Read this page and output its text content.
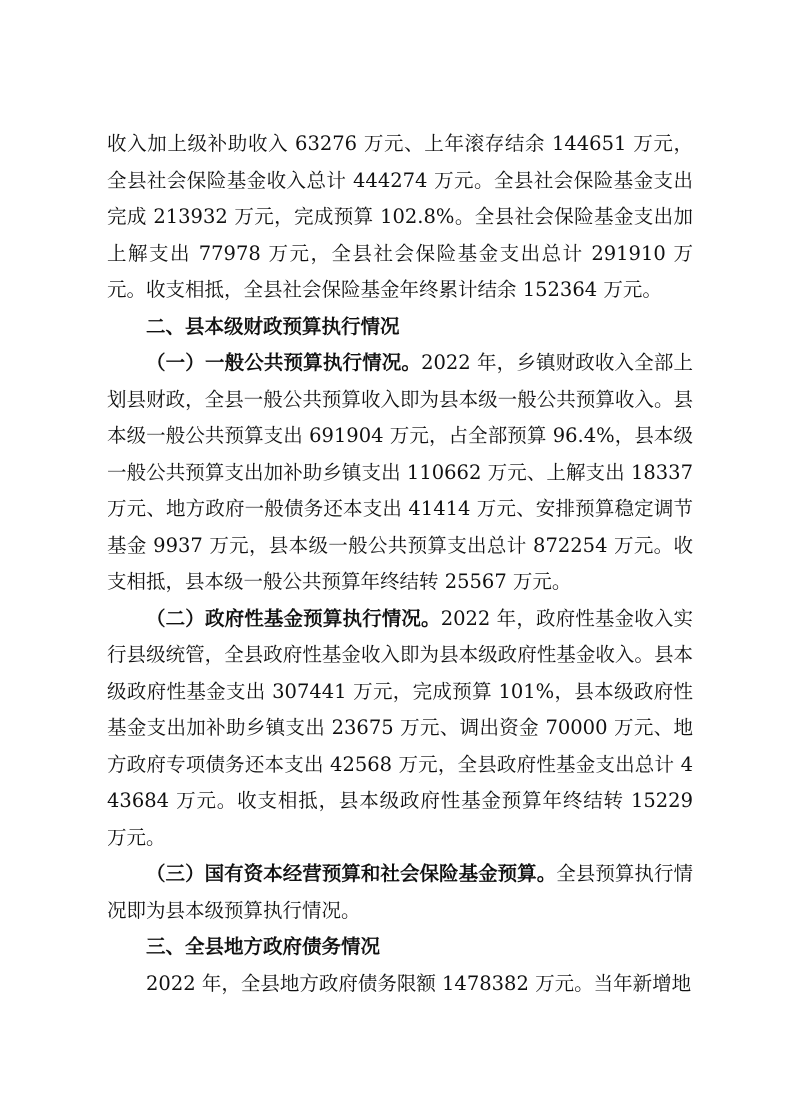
收入加上级补助收入 63276 万元、上年滚存结余 144651 万元，全县社会保险基金收入总计 444274 万元。全县社会保险基金支出完成 213932 万元，完成预算 102.8%。全县社会保险基金支出加上解支出 77978 万元，全县社会保险基金支出总计 291910 万元。收支相抵，全县社会保险基金年终累计结余 152364 万元。

二、县本级财政预算执行情况

（一）一般公共预算执行情况。2022 年，乡镇财政收入全部上划县财政，全县一般公共预算收入即为县本级一般公共预算收入。县本级一般公共预算支出 691904 万元，占全部预算 96.4%，县本级一般公共预算支出加补助乡镇支出 110662 万元、上解支出 18337 万元、地方政府一般债务还本支出 41414 万元、安排预算稳定调节基金 9937 万元，县本级一般公共预算支出总计 872254 万元。收支相抵，县本级一般公共预算年终结转 25567 万元。

（二）政府性基金预算执行情况。2022 年，政府性基金收入实行县级统管，全县政府性基金收入即为县本级政府性基金收入。县本级政府性基金支出 307441 万元，完成预算 101%，县本级政府性基金支出加补助乡镇支出 23675 万元、调出资金 70000 万元、地方政府专项债务还本支出 42568 万元，全县政府性基金支出总计 443684 万元。收支相抵，县本级政府性基金预算年终结转 15229 万元。

（三）国有资本经营预算和社会保险基金预算。全县预算执行情况即为县本级预算执行情况。

三、全县地方政府债务情况

2022 年，全县地方政府债务限额 1478382 万元。当年新增地
